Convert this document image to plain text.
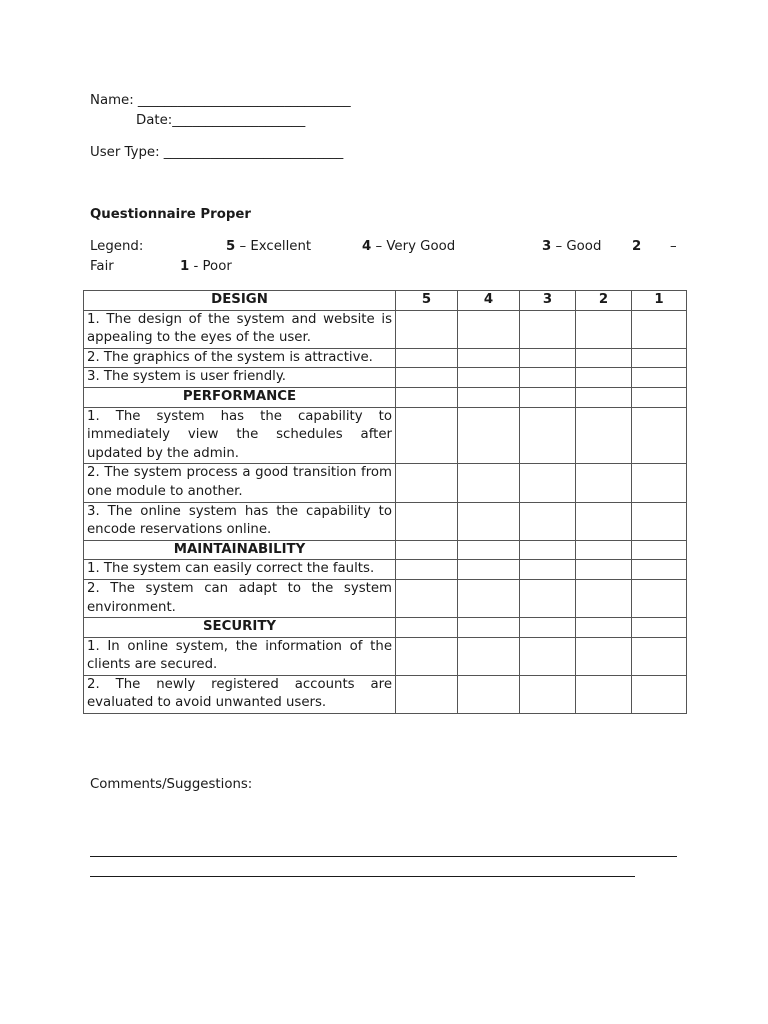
Name: ________________________________
Date:____________________
User Type: ___________________________
Questionnaire Proper
Legend:	5 – Excellent	4 – Very Good	3 – Good 2 –
Fair	1 - Poor
DESIGN	5	4	3	2	1
1. The design of the system and website is appealing to the eyes of the user.					
2. The graphics of the system is attractive.					
3. The system is user friendly.					
PERFORMANCE					
1. The system has the capability to immediately view the schedules after updated by the admin.					
2. The system process a good transition from one module to another.					
3. The online system has the capability to encode reservations online.					
MAINTAINABILITY					
1. The system can easily correct the faults.					
2. The system can adapt to the system environment.					
SECURITY					
1. In online system, the information of the clients are secured.					
2. The newly registered accounts are evaluated to avoid unwanted users.					
Comments/Suggestions:
